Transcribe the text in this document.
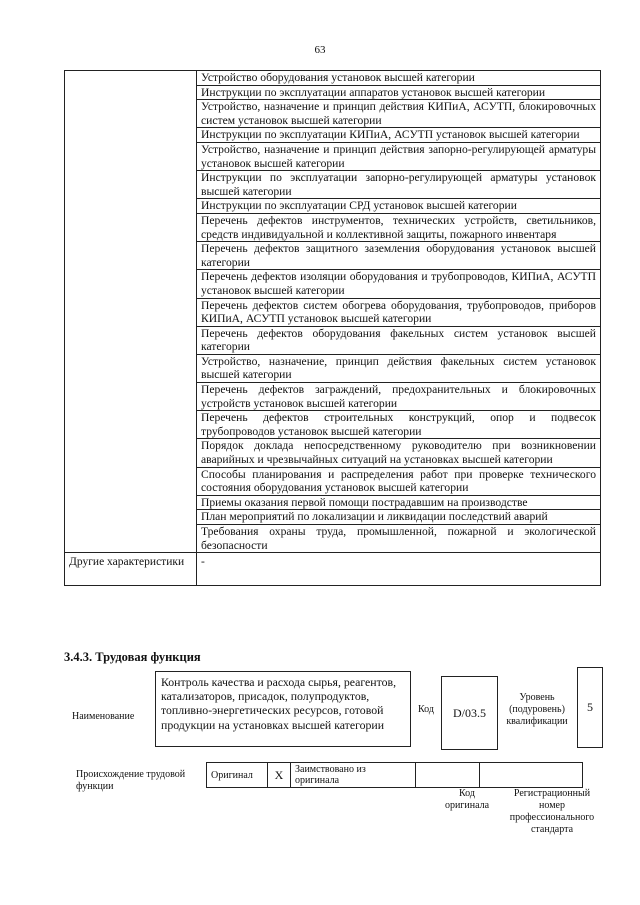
63
	Устройство оборудования установок высшей категории
	Инструкции по эксплуатации аппаратов установок высшей категории
	Устройство, назначение и принцип действия КИПиА, АСУТП, блокировочных систем установок высшей категории
	Инструкции по эксплуатации КИПиА, АСУТП установок высшей категории
	Устройство, назначение и принцип действия запорно-регулирующей арматуры установок высшей категории
	Инструкции по эксплуатации запорно-регулирующей арматуры установок высшей категории
	Инструкции по эксплуатации СРД установок высшей категории
	Перечень дефектов инструментов, технических устройств, светильников, средств индивидуальной и коллективной защиты, пожарного инвентаря
	Перечень дефектов защитного заземления оборудования установок высшей категории
	Перечень дефектов изоляции оборудования и трубопроводов, КИПиА, АСУТП установок высшей категории
	Перечень дефектов систем обогрева оборудования, трубопроводов, приборов КИПиА, АСУТП установок высшей категории
	Перечень дефектов оборудования факельных систем установок высшей категории
	Устройство, назначение, принцип действия факельных систем установок высшей категории
	Перечень дефектов заграждений, предохранительных и блокировочных устройств установок высшей категории
	Перечень дефектов строительных конструкций, опор и подвесок трубопроводов установок высшей категории
	Порядок доклада непосредственному руководителю при возникновении аварийных и чрезвычайных ситуаций на установках высшей категории
	Способы планирования и распределения работ при проверке технического состояния оборудования установок высшей категории
	Приемы оказания первой помощи пострадавшим на производстве
	План мероприятий по локализации и ликвидации последствий аварий
	Требования охраны труда, промышленной, пожарной и экологической безопасности
Другие характеристики	-
3.4.3. Трудовая функция
Наименование
Контроль качества и расхода сырья, реагентов, катализаторов, присадок, полупродуктов, топливно-энергетических ресурсов, готовой продукции на установках высшей категории
Код	D/03.5
Уровень (подуровень) квалификации
5
Происхождение трудовой функции
Оригинал	X	Заимствовано из оригинала		
Код оригинала
Регистрационный номер профессионального стандарта
